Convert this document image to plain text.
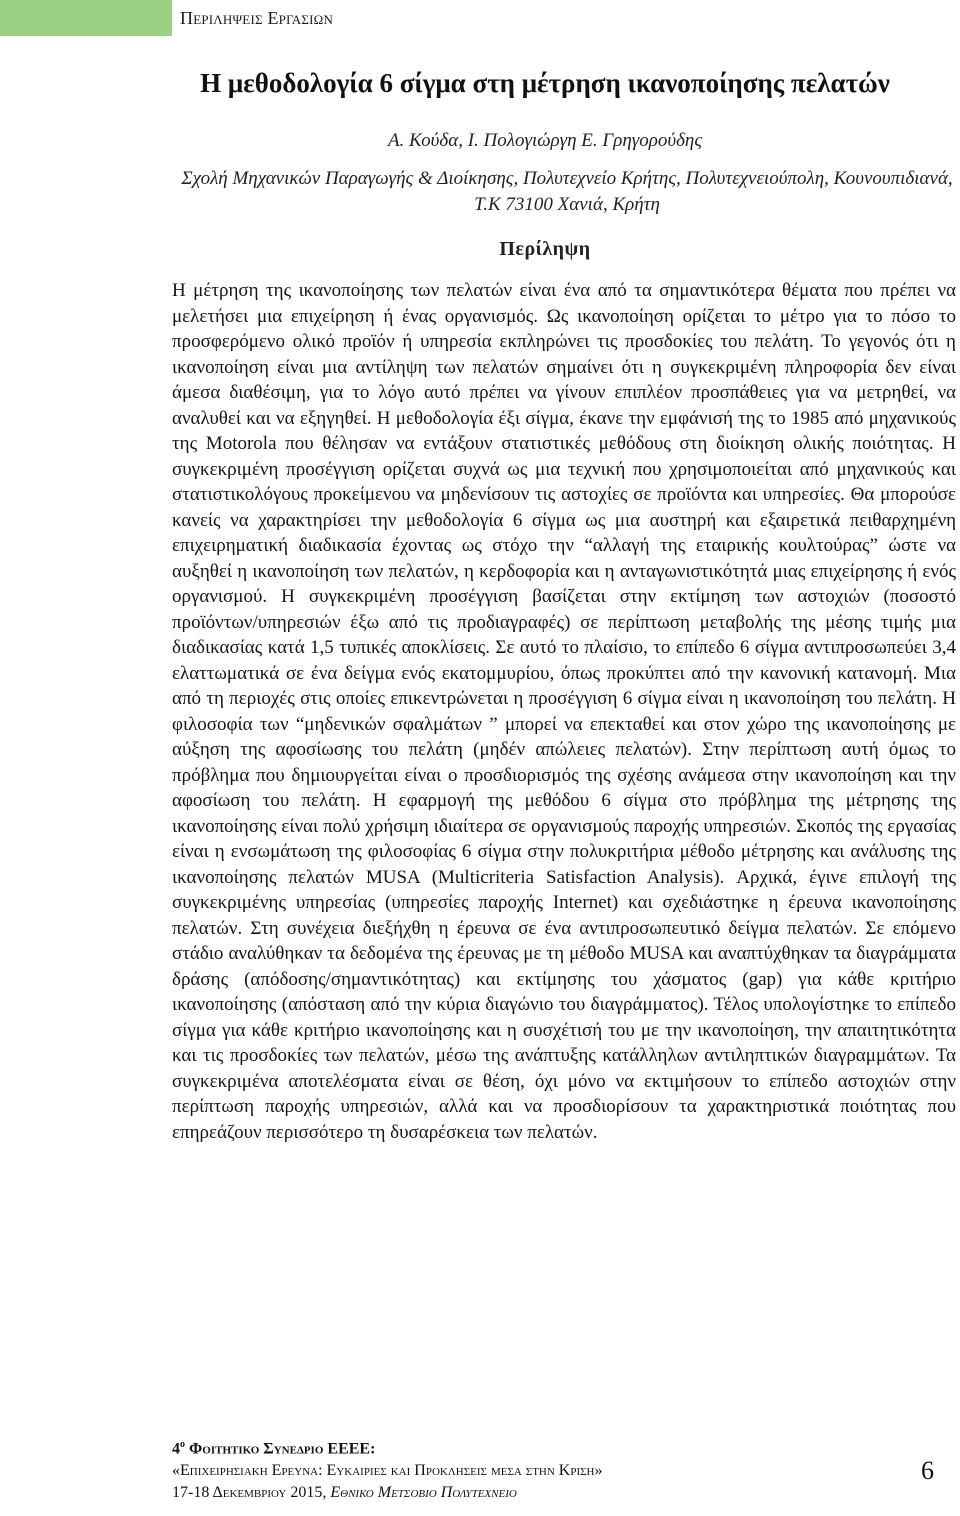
Περιληψεισ Εργασιων
Η μεθοδολογία 6 σίγμα στη μέτρηση ικανοποίησης πελατών
Α. Κούδα, Ι. Πολογιώργη Ε. Γρηγορούδης
Σχολή Μηχανικών Παραγωγής & Διοίκησης, Πολυτεχνείο Κρήτης, Πολυτεχνειούπολη, Κουνουπιδιανά, Τ.Κ 73100 Χανιά, Κρήτη
Περίληψη

Η μέτρηση της ικανοποίησης των πελατών είναι ένα από τα σημαντικότερα θέματα που πρέπει να μελετήσει μια επιχείρηση ή ένας οργανισμός. Ως ικανοποίηση ορίζεται το μέτρο για το πόσο το προσφερόμενο ολικό προϊόν ή υπηρεσία εκπληρώνει τις προσδοκίες του πελάτη. Το γεγονός ότι η ικανοποίηση είναι μια αντίληψη των πελατών σημαίνει ότι η συγκεκριμένη πληροφορία δεν είναι άμεσα διαθέσιμη, για το λόγο αυτό πρέπει να γίνουν επιπλέον προσπάθειες για να μετρηθεί, να αναλυθεί και να εξηγηθεί. Η μεθοδολογία έξι σίγμα, έκανε την εμφάνισή της το 1985 από μηχανικούς της Motorola που θέλησαν να εντάξουν στατιστικές μεθόδους στη διοίκηση ολικής ποιότητας. Η συγκεκριμένη προσέγγιση ορίζεται συχνά ως μια τεχνική που χρησιμοποιείται από μηχανικούς και στατιστικολόγους προκείμενου να μηδενίσουν τις αστοχίες σε προϊόντα και υπηρεσίες. Θα μπορούσε κανείς να χαρακτηρίσει την μεθοδολογία 6 σίγμα ως μια αυστηρή και εξαιρετικά πειθαρχημένη επιχειρηματική διαδικασία έχοντας ως στόχο την “αλλαγή της εταιρικής κουλτούρας” ώστε να αυξηθεί η ικανοποίηση των πελατών, η κερδοφορία και η ανταγωνιστικότητά μιας επιχείρησης ή ενός οργανισμού. Η συγκεκριμένη προσέγγιση βασίζεται στην εκτίμηση των αστοχιών (ποσοστό προϊόντων/υπηρεσιών έξω από τις προδιαγραφές) σε περίπτωση μεταβολής της μέσης τιμής μια διαδικασίας κατά 1,5 τυπικές αποκλίσεις. Σε αυτό το πλαίσιο, το επίπεδο 6 σίγμα αντιπροσωπεύει 3,4 ελαττωματικά σε ένα δείγμα ενός εκατομμυρίου, όπως προκύπτει από την κανονική κατανομή. Μια από τη περιοχές στις οποίες επικεντρώνεται η προσέγγιση 6 σίγμα είναι η ικανοποίηση του πελάτη. Η φιλοσοφία των “μηδενικών σφαλμάτων ” μπορεί να επεκταθεί και στον χώρο της ικανοποίησης με αύξηση της αφοσίωσης του πελάτη (μηδέν απώλειες πελατών). Στην περίπτωση αυτή όμως το πρόβλημα που δημιουργείται είναι ο προσδιορισμός της σχέσης ανάμεσα στην ικανοποίηση και την αφοσίωση του πελάτη. Η εφαρμογή της μεθόδου 6 σίγμα στο πρόβλημα της μέτρησης της ικανοποίησης είναι πολύ χρήσιμη ιδιαίτερα σε οργανισμούς παροχής υπηρεσιών. Σκοπός της εργασίας είναι η ενσωμάτωση της φιλοσοφίας 6 σίγμα στην πολυκριτήρια μέθοδο μέτρησης και ανάλυσης της ικανοποίησης πελατών MUSA (Multicriteria Satisfaction Analysis). Αρχικά, έγινε επιλογή της συγκεκριμένης υπηρεσίας (υπηρεσίες παροχής Internet) και σχεδιάστηκε η έρευνα ικανοποίησης πελατών. Στη συνέχεια διεξήχθη η έρευνα σε ένα αντιπροσωπευτικό δείγμα πελατών. Σε επόμενο στάδιο αναλύθηκαν τα δεδομένα της έρευνας με τη μέθοδο MUSA και αναπτύχθηκαν τα διαγράμματα δράσης (απόδοσης/σημαντικότητας) και εκτίμησης του χάσματος (gap) για κάθε κριτήριο ικανοποίησης (απόσταση από την κύρια διαγώνιο του διαγράμματος). Τέλος υπολογίστηκε το επίπεδο σίγμα για κάθε κριτήριο ικανοποίησης και η συσχέτισή του με την ικανοποίηση, την απαιτητικότητα και τις προσδοκίες των πελατών, μέσω της ανάπτυξης κατάλληλων αντιληπτικών διαγραμμάτων. Τα συγκεκριμένα αποτελέσματα είναι σε θέση, όχι μόνο να εκτιμήσουν το επίπεδο αστοχιών στην περίπτωση παροχής υπηρεσιών, αλλά και να προσδιορίσουν τα χαρακτηριστικά ποιότητας που επηρεάζουν περισσότερο τη δυσαρέσκεια των πελατών.

$4^o$ Φοιτητικο Συνεδριο ΕΕΕΕ:
«Επιχειρησιακη Ερευνα: Ευκαιριες και Προκλησεις μεσα στην Κριση»
17-18 Δεκεμβριου 2015, Εθνικο Μετσοβιο Πολυτεχνειο
6
